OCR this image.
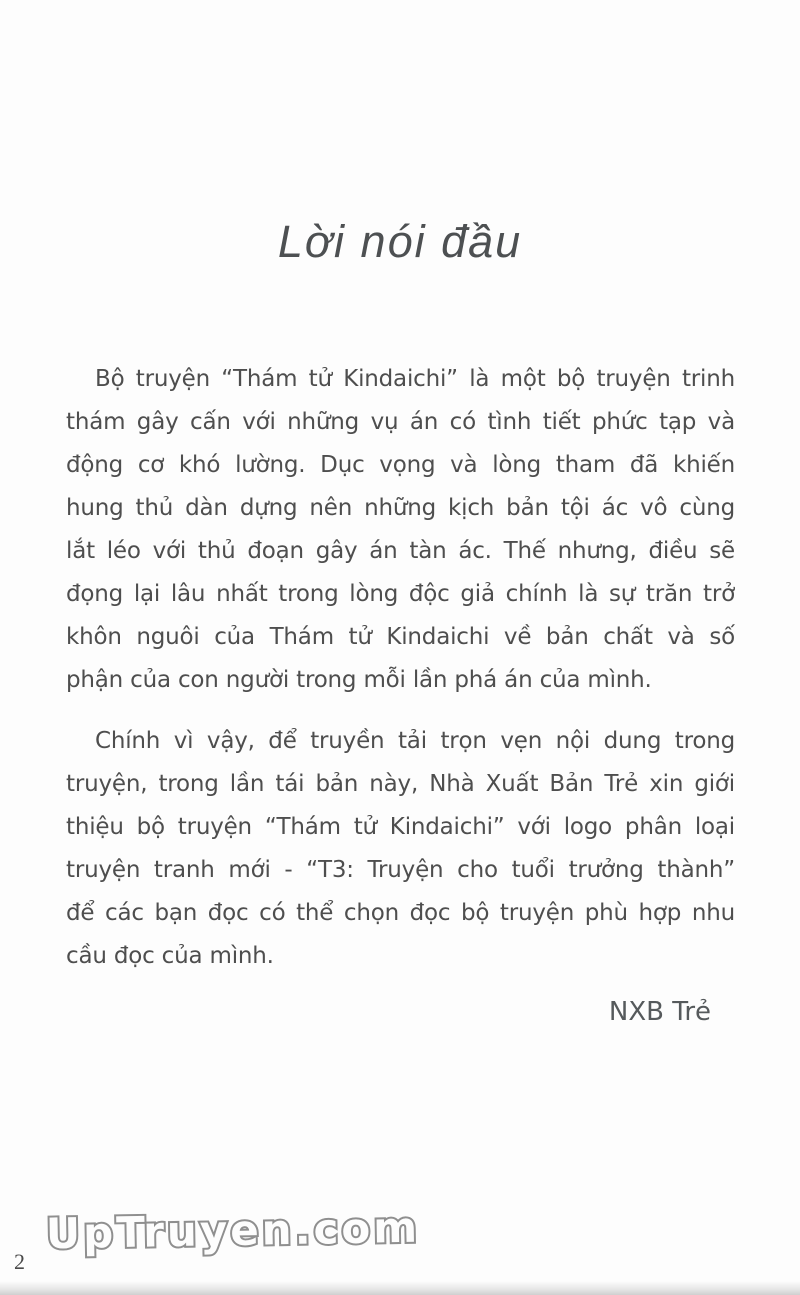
Lời nói đầu
Bộ truyện “Thám tử Kindaichi” là một bộ truyện trinh
thám gây cấn với những vụ án có tình tiết phức tạp và
động cơ khó lường. Dục vọng và lòng tham đã khiến
hung thủ dàn dựng nên những kịch bản tội ác vô cùng
lắt léo với thủ đoạn gây án tàn ác. Thế nhưng, điều sẽ
đọng lại lâu nhất trong lòng độc giả chính là sự trăn trở
khôn nguôi của Thám tử Kindaichi về bản chất và số
phận của con người trong mỗi lần phá án của mình.
Chính vì vậy, để truyền tải trọn vẹn nội dung trong
truyện, trong lần tái bản này, Nhà Xuất Bản Trẻ xin giới
thiệu bộ truyện “Thám tử Kindaichi” với logo phân loại
truyện tranh mới - “T3: Truyện cho tuổi trưởng thành”
để các bạn đọc có thể chọn đọc bộ truyện phù hợp nhu
cầu đọc của mình.
NXB Trẻ
UpTruyen.com
2
